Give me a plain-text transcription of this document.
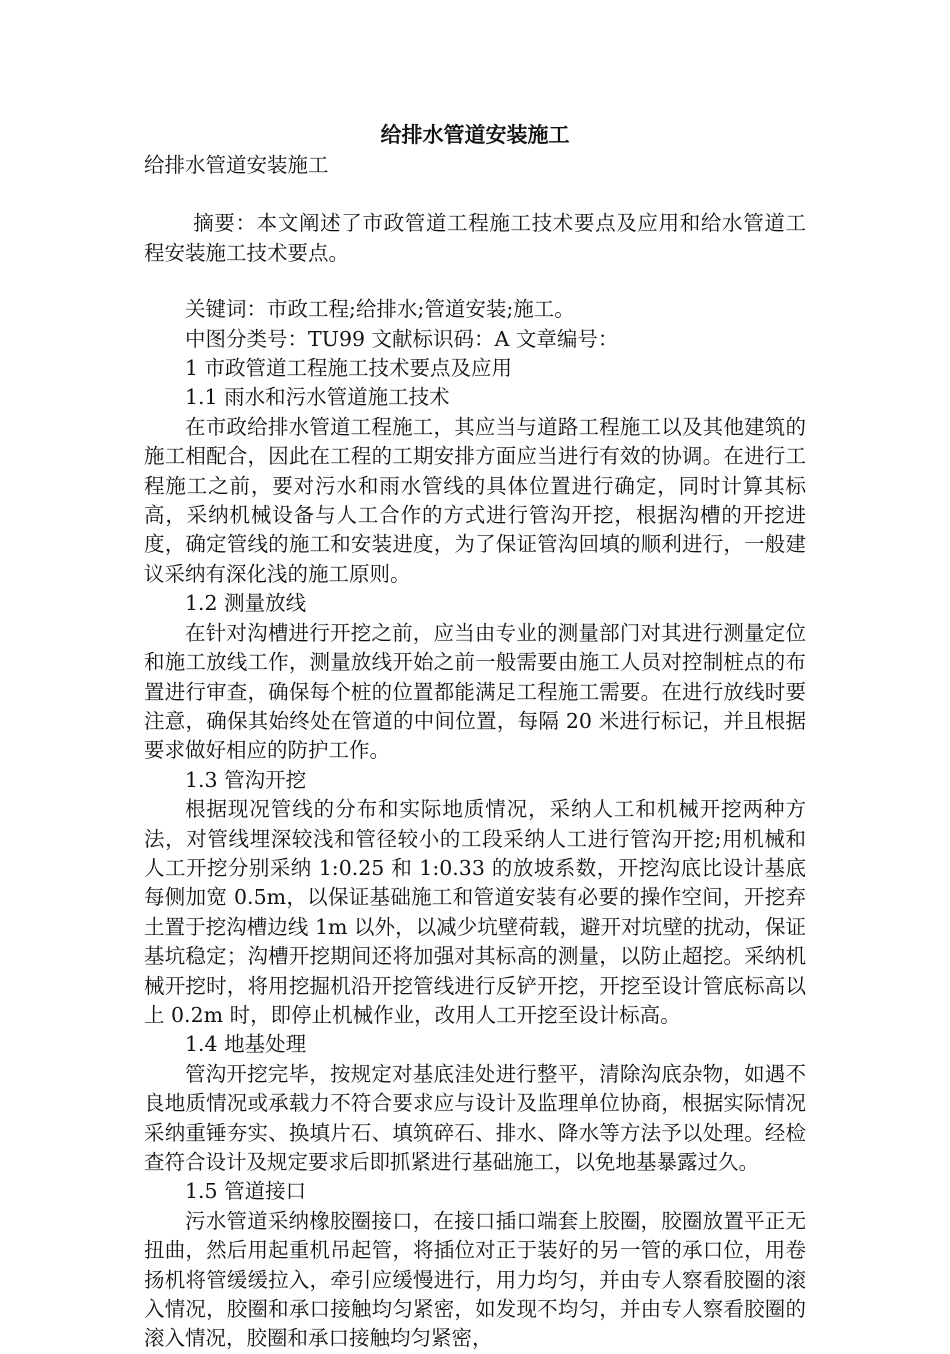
给排水管道安装施工

给排水管道安装施工

摘要：本文阐述了市政管道工程施工技术要点及应用和给水管道工程安装施工技术要点。

关键词：市政工程;给排水;管道安装;施工。

中图分类号：TU99 文献标识码：A 文章编号：

1 市政管道工程施工技术要点及应用

1.1 雨水和污水管道施工技术

在市政给排水管道工程施工，其应当与道路工程施工以及其他建筑的施工相配合，因此在工程的工期安排方面应当进行有效的协调。在进行工程施工之前，要对污水和雨水管线的具体位置进行确定，同时计算其标高，采纳机械设备与人工合作的方式进行管沟开挖，根据沟槽的开挖进度，确定管线的施工和安装进度，为了保证管沟回填的顺利进行，一般建议采纳有深化浅的施工原则。

1.2 测量放线

在针对沟槽进行开挖之前，应当由专业的测量部门对其进行测量定位和施工放线工作，测量放线开始之前一般需要由施工人员对控制桩点的布置进行审查，确保每个桩的位置都能满足工程施工需要。在进行放线时要注意，确保其始终处在管道的中间位置，每隔 20 米进行标记，并且根据要求做好相应的防护工作。

1.3 管沟开挖

根据现况管线的分布和实际地质情况，采纳人工和机械开挖两种方法，对管线埋深较浅和管径较小的工段采纳人工进行管沟开挖;用机械和人工开挖分别采纳 1:0.25 和 1:0.33 的放坡系数，开挖沟底比设计基底每侧加宽 0.5m，以保证基础施工和管道安装有必要的操作空间，开挖弃土置于挖沟槽边线 1m 以外，以减少坑壁荷载，避开对坑壁的扰动，保证基坑稳定；沟槽开挖期间还将加强对其标高的测量，以防止超挖。采纳机械开挖时，将用挖掘机沿开挖管线进行反铲开挖，开挖至设计管底标高以上 0.2m 时，即停止机械作业，改用人工开挖至设计标高。

1.4 地基处理

管沟开挖完毕，按规定对基底洼处进行整平，清除沟底杂物，如遇不良地质情况或承载力不符合要求应与设计及监理单位协商，根据实际情况采纳重锤夯实、换填片石、填筑碎石、排水、降水等方法予以处理。经检查符合设计及规定要求后即抓紧进行基础施工，以免地基暴露过久。

1.5 管道接口

污水管道采纳橡胶圈接口，在接口插口端套上胶圈，胶圈放置平正无扭曲，然后用起重机吊起管，将插位对正于装好的另一管的承口位，用卷扬机将管缓缓拉入，牵引应缓慢进行，用力均匀，并由专人察看胶圈的滚入情况，胶圈和承口接触均匀紧密，如发现不均匀，并由专人察看胶圈的滚入情况，胶圈和承口接触均匀紧密，
